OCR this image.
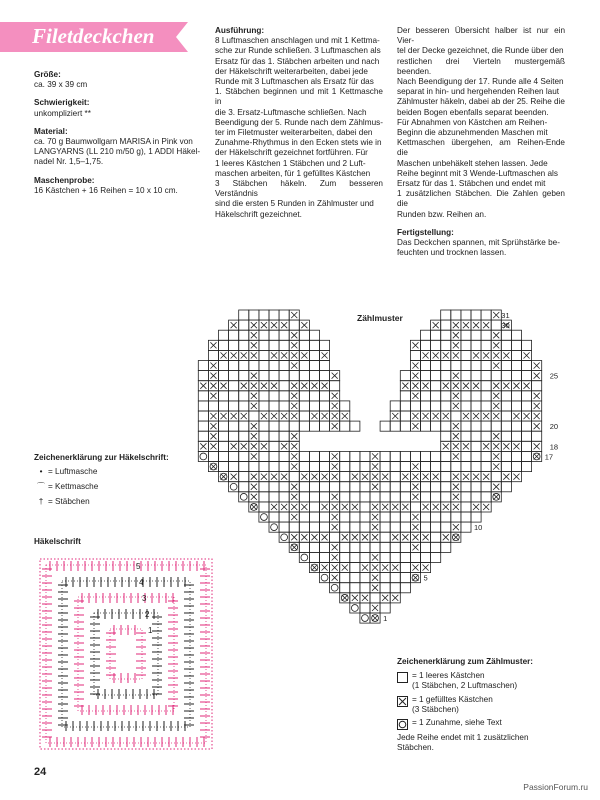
Filetdeckchen
Größe:
ca. 39 x 39 cm
Schwierigkeit:
unkompliziert **
Material:
ca. 70 g Baumwollgarn MARISA in Pink von
LANGYARNS (LL 210 m/50 g), 1 ADDI Häkel-
nadel Nr. 1,5–1,75.
Maschenprobe:
16 Kästchen + 16 Reihen = 10 x 10 cm.
Ausführung:
8 Luftmaschen anschlagen und mit 1 Kettma-
sche zur Runde schließen. 3 Luftmaschen als
Ersatz für das 1. Stäbchen arbeiten und nach
der Häkelschrift weiterarbeiten, dabei jede
Runde mit 3 Luftmaschen als Ersatz für das
1. Stäbchen beginnen und mit 1 Kettmasche in
die 3. Ersatz-Luftmasche schließen. Nach
Beendigung der 5. Runde nach dem Zählmus-
ter im Filetmuster weiterarbeiten, dabei den
Zunahme-Rhythmus in den Ecken stets wie in
der Häkelschrift gezeichnet fortführen. Für
1 leeres Kästchen 1 Stäbchen und 2 Luft-
maschen arbeiten, für 1 gefülltes Kästchen
3 Stäbchen häkeln. Zum besseren Verständnis
sind die ersten 5 Runden in Zählmuster und
Häkelschrift gezeichnet.
Der besseren Übersicht halber ist nur ein Vier-
tel der Decke gezeichnet, die Runde über den
restlichen drei Vierteln mustergemäß beenden.
Nach Beendigung der 17. Runde alle 4 Seiten
separat in hin- und hergehenden Reihen laut
Zählmuster häkeln, dabei ab der 25. Reihe die
beiden Bogen ebenfalls separat beenden.
Für Abnahmen von Kästchen am Reihen-
Beginn die abzunehmenden Maschen mit
Kettmaschen übergehen, am Reihen-Ende die
Maschen unbehäkelt stehen lassen. Jede
Reihe beginnt mit 3 Wende-Luftmaschen als
Ersatz für das 1. Stäbchen und endet mit
1 zusätzlichen Stäbchen. Die Zahlen geben die
Runden bzw. Reihen an.
Fertigstellung:
Das Deckchen spannen, mit Sprühstärke be-
feuchten und trocknen lassen.
Zählmuster	31
30
25
20
18
17
10
5
1
Zeichenerklärung zur Häkelschrift:
• = Luftmasche
⌒ = Kettmasche
† = Stäbchen
Häkelschrift
5
4
3
2
1
Zeichenerklärung zum Zählmuster:
= 1 leeres Kästchen
(1 Stäbchen, 2 Luftmaschen)
= 1 gefülltes Kästchen
(3 Stäbchen)
= 1 Zunahme, siehe Text
Jede Reihe endet mit 1 zusätzlichen
Stäbchen.
24
PassionForum.ru
